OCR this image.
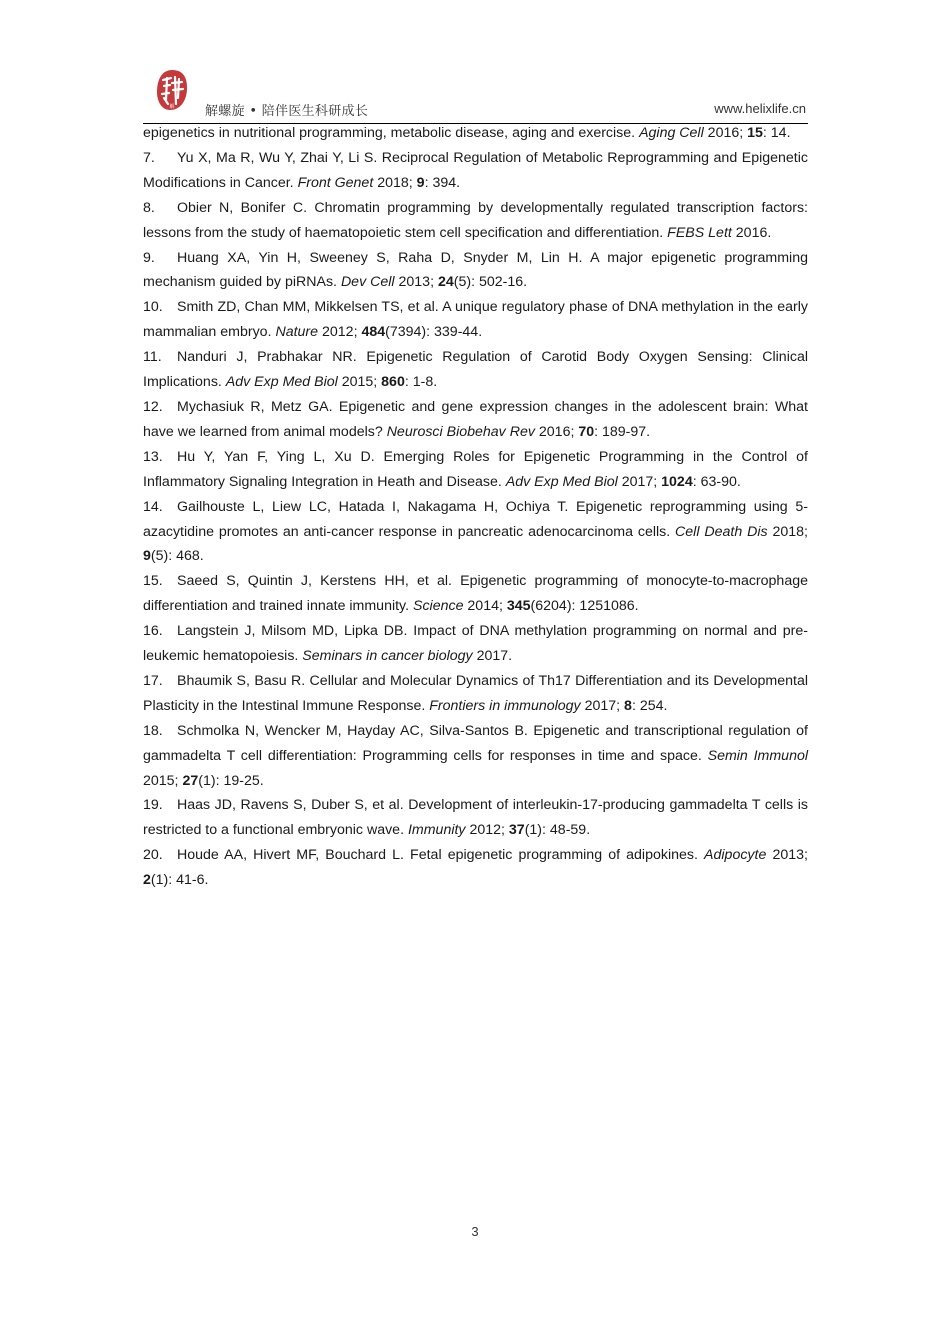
解 解螺旋 • 陪伴医生科研成长	www.helixlife.cn

epigenetics in nutritional programming, metabolic disease, aging and exercise. Aging Cell 2016; 15: 14.

7. Yu X, Ma R, Wu Y, Zhai Y, Li S. Reciprocal Regulation of Metabolic Reprogramming and Epigenetic Modifications in Cancer. Front Genet 2018; 9: 394.

8. Obier N, Bonifer C. Chromatin programming by developmentally regulated transcription factors: lessons from the study of haematopoietic stem cell specification and differentiation. FEBS Lett 2016.

9. Huang XA, Yin H, Sweeney S, Raha D, Snyder M, Lin H. A major epigenetic programming mechanism guided by piRNAs. Dev Cell 2013; 24(5): 502-16.

10. Smith ZD, Chan MM, Mikkelsen TS, et al. A unique regulatory phase of DNA methylation in the early mammalian embryo. Nature 2012; 484(7394): 339-44.

11. Nanduri J, Prabhakar NR. Epigenetic Regulation of Carotid Body Oxygen Sensing: Clinical Implications. Adv Exp Med Biol 2015; 860: 1-8.

12. Mychasiuk R, Metz GA. Epigenetic and gene expression changes in the adolescent brain: What have we learned from animal models? Neurosci Biobehav Rev 2016; 70: 189-97.

13. Hu Y, Yan F, Ying L, Xu D. Emerging Roles for Epigenetic Programming in the Control of Inflammatory Signaling Integration in Heath and Disease. Adv Exp Med Biol 2017; 1024: 63-90.

14. Gailhouste L, Liew LC, Hatada I, Nakagama H, Ochiya T. Epigenetic reprogramming using 5-azacytidine promotes an anti-cancer response in pancreatic adenocarcinoma cells. Cell Death Dis 2018; 9(5): 468.

15. Saeed S, Quintin J, Kerstens HH, et al. Epigenetic programming of monocyte-to-macrophage differentiation and trained innate immunity. Science 2014; 345(6204): 1251086.

16. Langstein J, Milsom MD, Lipka DB. Impact of DNA methylation programming on normal and pre-leukemic hematopoiesis. Seminars in cancer biology 2017.

17. Bhaumik S, Basu R. Cellular and Molecular Dynamics of Th17 Differentiation and its Developmental Plasticity in the Intestinal Immune Response. Frontiers in immunology 2017; 8: 254.

18. Schmolka N, Wencker M, Hayday AC, Silva-Santos B. Epigenetic and transcriptional regulation of gammadelta T cell differentiation: Programming cells for responses in time and space. Semin Immunol 2015; 27(1): 19-25.

19. Haas JD, Ravens S, Duber S, et al. Development of interleukin-17-producing gammadelta T cells is restricted to a functional embryonic wave. Immunity 2012; 37(1): 48-59.

20. Houde AA, Hivert MF, Bouchard L. Fetal epigenetic programming of adipokines. Adipocyte 2013; 2(1): 41-6.

3
